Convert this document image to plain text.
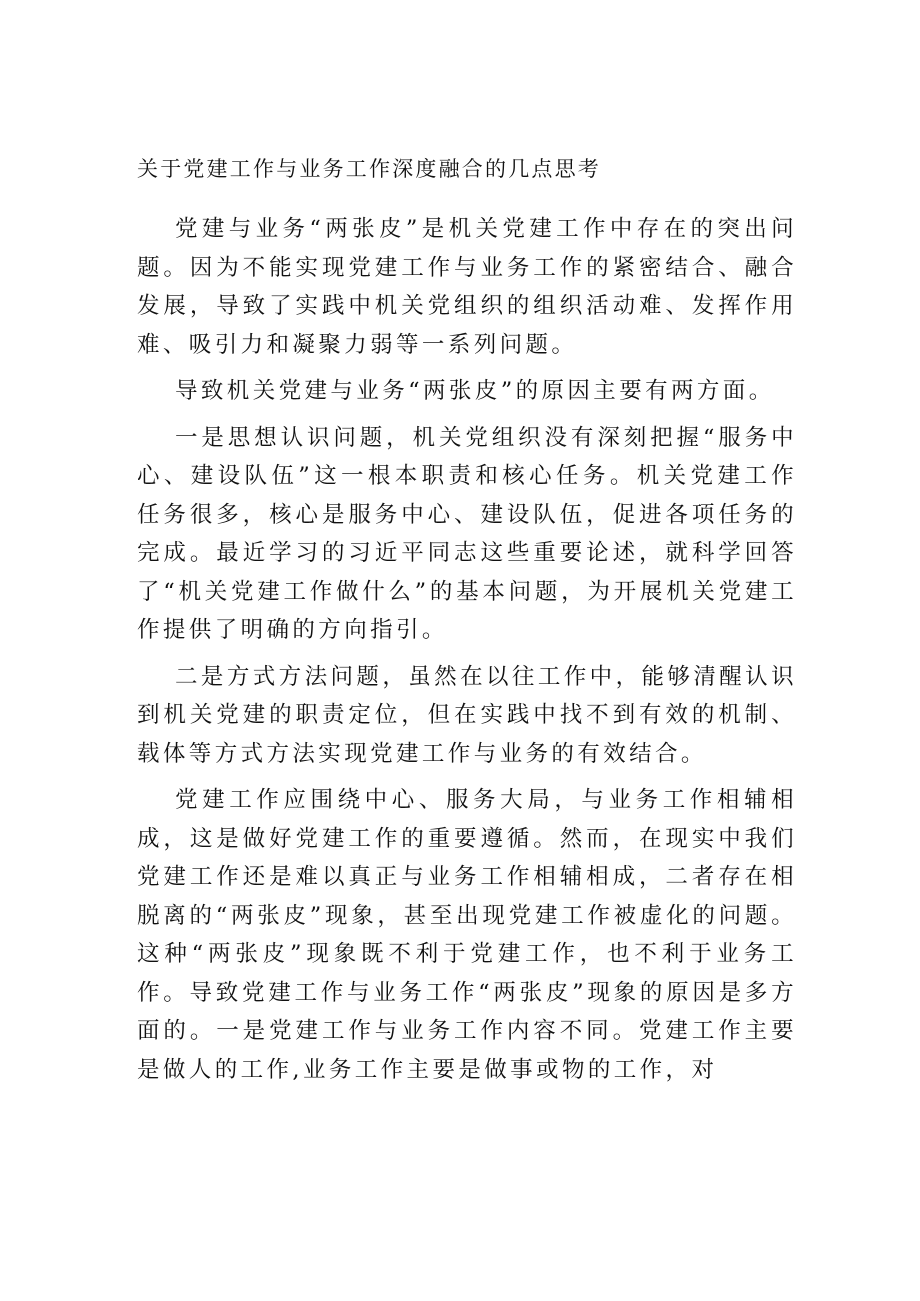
关于党建工作与业务工作深度融合的几点思考

党建与业务“两张皮”是机关党建工作中存在的突出问题。因为不能实现党建工作与业务工作的紧密结合、融合发展，导致了实践中机关党组织的组织活动难、发挥作用难、吸引力和凝聚力弱等一系列问题。

导致机关党建与业务“两张皮”的原因主要有两方面。

一是思想认识问题，机关党组织没有深刻把握“服务中心、建设队伍”这一根本职责和核心任务。机关党建工作任务很多，核心是服务中心、建设队伍，促进各项任务的完成。最近学习的习近平同志这些重要论述，就科学回答了“机关党建工作做什么”的基本问题，为开展机关党建工作提供了明确的方向指引。

二是方式方法问题，虽然在以往工作中，能够清醒认识到机关党建的职责定位，但在实践中找不到有效的机制、载体等方式方法实现党建工作与业务的有效结合。

党建工作应围绕中心、服务大局，与业务工作相辅相成，这是做好党建工作的重要遵循。然而，在现实中我们党建工作还是难以真正与业务工作相辅相成，二者存在相脱离的“两张皮”现象，甚至出现党建工作被虚化的问题。这种“两张皮”现象既不利于党建工作，也不利于业务工作。导致党建工作与业务工作“两张皮”现象的原因是多方面的。一是党建工作与业务工作内容不同。党建工作主要是做人的工作,业务工作主要是做事或物的工作，对
